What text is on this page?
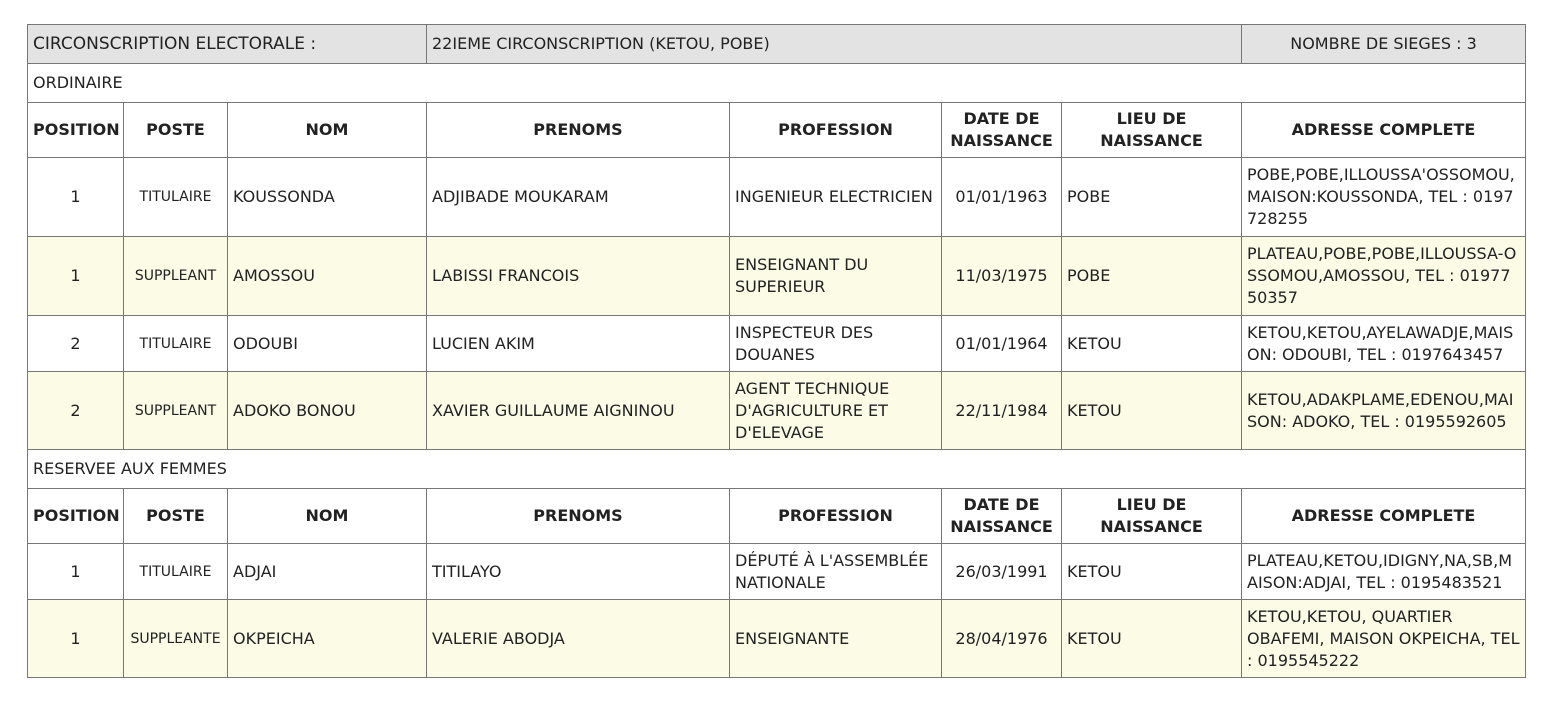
CIRCONSCRIPTION ELECTORALE :			22IEME CIRCONSCRIPTION (KETOU, POBE)				NOMBRE DE SIEGES : 3
ORDINAIRE							
POSITION	POSTE	NOM	PRENOMS	PROFESSION	DATE DE NAISSANCE	LIEU DE NAISSANCE	ADRESSE COMPLETE
1	TITULAIRE	KOUSSONDA	ADJIBADE MOUKARAM	INGENIEUR ELECTRICIEN	01/01/1963	POBE	POBE,POBE,ILLOUSSA'OSSOMOU,MAISON:KOUSSONDA, TEL : 0197728255
1	SUPPLEANT	AMOSSOU	LABISSI FRANCOIS	ENSEIGNANT DU SUPERIEUR	11/03/1975	POBE	PLATEAU,POBE,POBE,ILLOUSSA-OSSOMOU,AMOSSOU, TEL : 0197750357
2	TITULAIRE	ODOUBI	LUCIEN AKIM	INSPECTEUR DES DOUANES	01/01/1964	KETOU	KETOU,KETOU,AYELAWADJE,MAISON: ODOUBI, TEL : 0197643457
2	SUPPLEANT	ADOKO BONOU	XAVIER GUILLAUME AIGNINOU	AGENT TECHNIQUE D'AGRICULTURE ET D'ELEVAGE	22/11/1984	KETOU	KETOU,ADAKPLAME,EDENOU,MAISON: ADOKO, TEL : 0195592605
RESERVEE AUX FEMMES							
POSITION	POSTE	NOM	PRENOMS	PROFESSION	DATE DE NAISSANCE	LIEU DE NAISSANCE	ADRESSE COMPLETE
1	TITULAIRE	ADJAI	TITILAYO	DÉPUTÉ À L'ASSEMBLÉE NATIONALE	26/03/1991	KETOU	PLATEAU,KETOU,IDIGNY,NA,SB,MAISON:ADJAI, TEL : 0195483521
1	SUPPLEANTE	OKPEICHA	VALERIE ABODJA	ENSEIGNANTE	28/04/1976	KETOU	KETOU,KETOU, QUARTIER OBAFEMI, MAISON OKPEICHA, TEL : 0195545222
